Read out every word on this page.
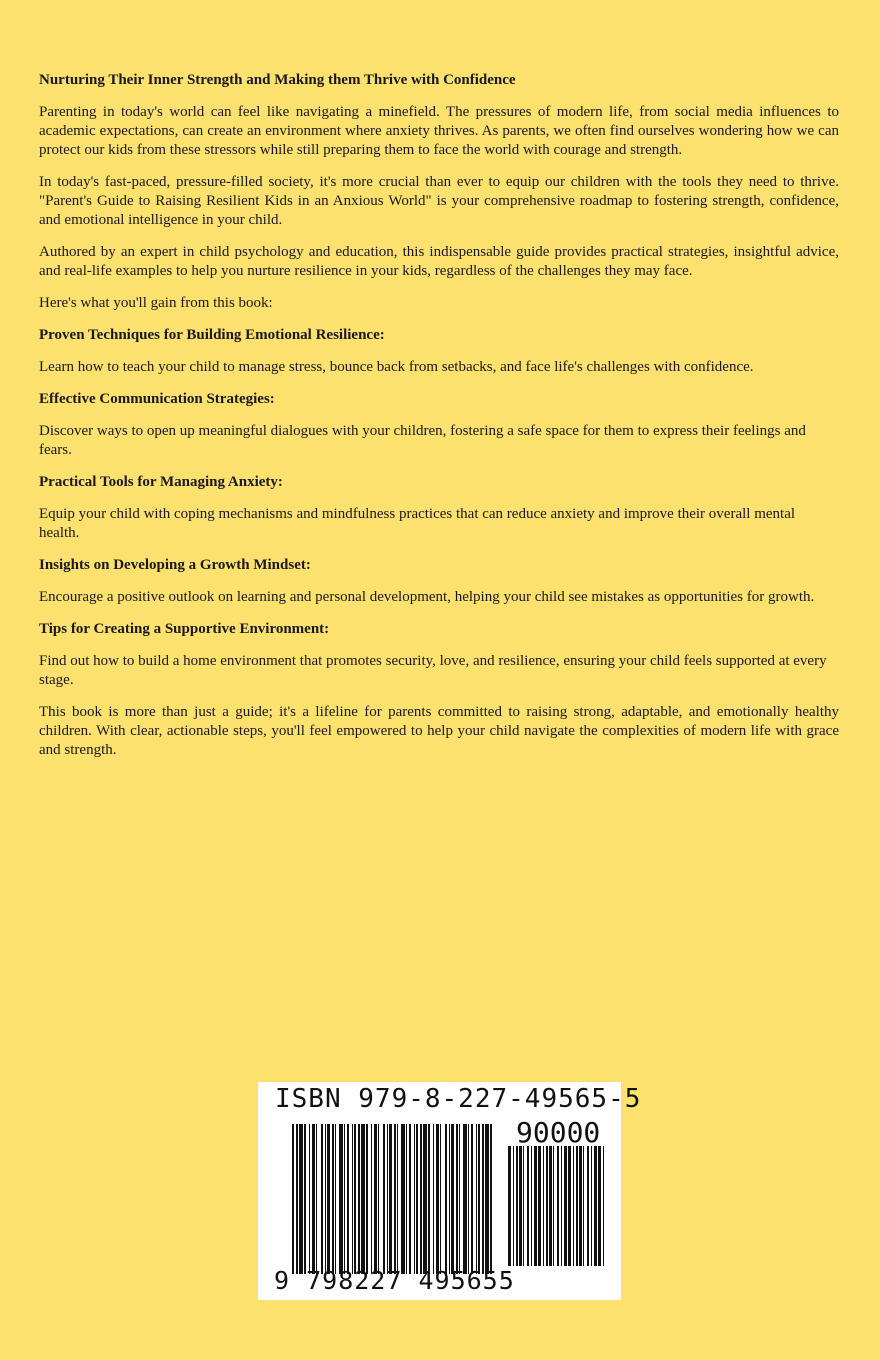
Nurturing Their Inner Strength and Making them Thrive with Confidence

Parenting in today's world can feel like navigating a minefield. The pressures of modern life, from social media influences to academic expectations, can create an environment where anxiety thrives. As parents, we often find ourselves wondering how we can protect our kids from these stressors while still preparing them to face the world with courage and strength.

In today's fast-paced, pressure-filled society, it's more crucial than ever to equip our children with the tools they need to thrive. "Parent's Guide to Raising Resilient Kids in an Anxious World" is your comprehensive roadmap to fostering strength, confidence, and emotional intelligence in your child.

Authored by an expert in child psychology and education, this indispensable guide provides practical strategies, insightful advice, and real-life examples to help you nurture resilience in your kids, regardless of the challenges they may face.

Here's what you'll gain from this book:

Proven Techniques for Building Emotional Resilience:

Learn how to teach your child to manage stress, bounce back from setbacks, and face life's challenges with confidence.

Effective Communication Strategies:

Discover ways to open up meaningful dialogues with your children, fostering a safe space for them to express their feelings and fears.

Practical Tools for Managing Anxiety:

Equip your child with coping mechanisms and mindfulness practices that can reduce anxiety and improve their overall mental health.

Insights on Developing a Growth Mindset:

Encourage a positive outlook on learning and personal development, helping your child see mistakes as opportunities for growth.

Tips for Creating a Supportive Environment:

Find out how to build a home environment that promotes security, love, and resilience, ensuring your child feels supported at every stage.

This book is more than just a guide; it's a lifeline for parents committed to raising strong, adaptable, and emotionally healthy children. With clear, actionable steps, you'll feel empowered to help your child navigate the complexities of modern life with grace and strength.

ISBN 979-8-227-49565-5
90000
9 798227 495655
